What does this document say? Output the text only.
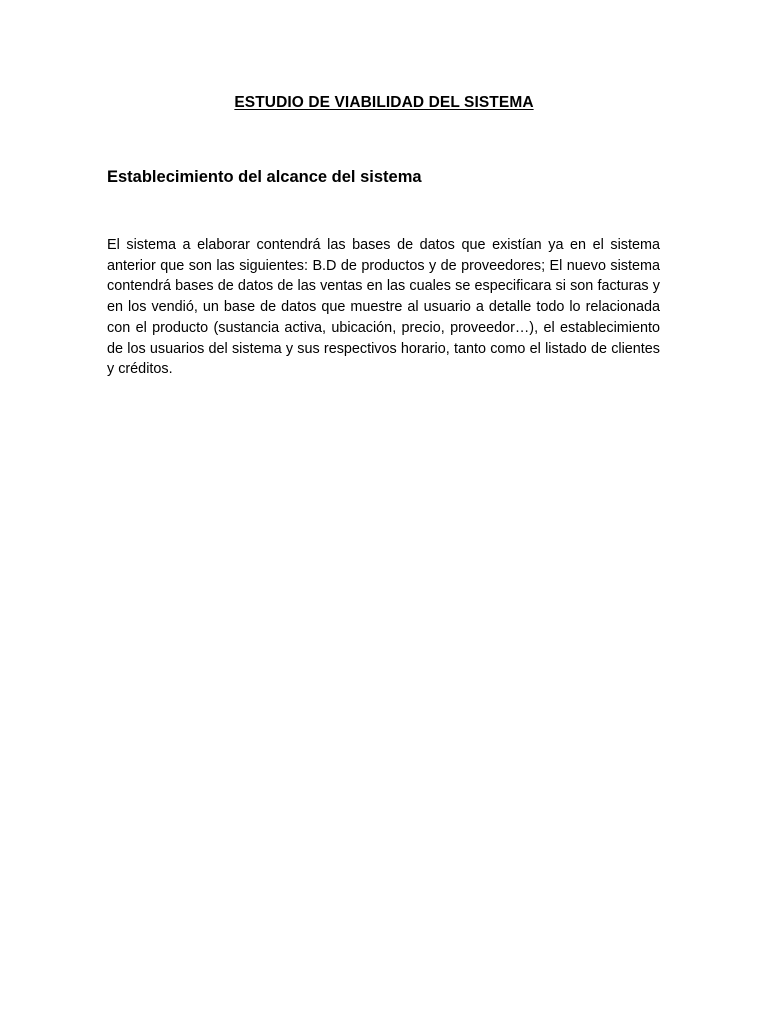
ESTUDIO DE VIABILIDAD DEL SISTEMA
Establecimiento del alcance del sistema

El sistema a elaborar contendrá las bases de datos que existían ya en el sistema anterior que son las siguientes: B.D de productos y de proveedores; El nuevo sistema contendrá bases de datos de las ventas en las cuales se especificara si son facturas y en los vendió, un base de datos que muestre al usuario a detalle todo lo relacionada con el producto (sustancia activa, ubicación, precio, proveedor…), el establecimiento de los usuarios del sistema y sus respectivos horario, tanto como el listado de clientes y créditos.
